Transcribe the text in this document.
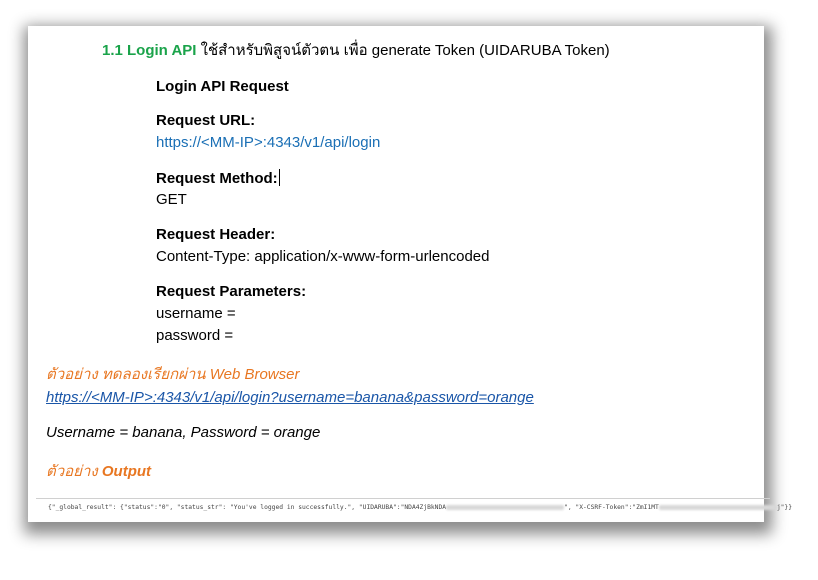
1.1 Login API ใช้สำหรับพิสูจน์ตัวตน เพื่อ generate Token (UIDARUBA Token)
Login API Request
Request URL:
https://<MM-IP>:4343/v1/api/login
Request Method:
GET
Request Header:
Content-Type: application/x-www-form-urlencoded
Request Parameters:
username =
password =
ตัวอย่าง ทดลองเรียกผ่าน Web Browser
https://<MM-IP>:4343/v1/api/login?username=banana&password=orange
Username = banana, Password = orange
ตัวอย่าง Output
{"_global_result": {"status":"0", "status_str": "You've logged in successfully.", "UIDARUBA":"NDA4ZjBkNDA	", "X-CSRF-Token":"ZmI1MT	j"}}
